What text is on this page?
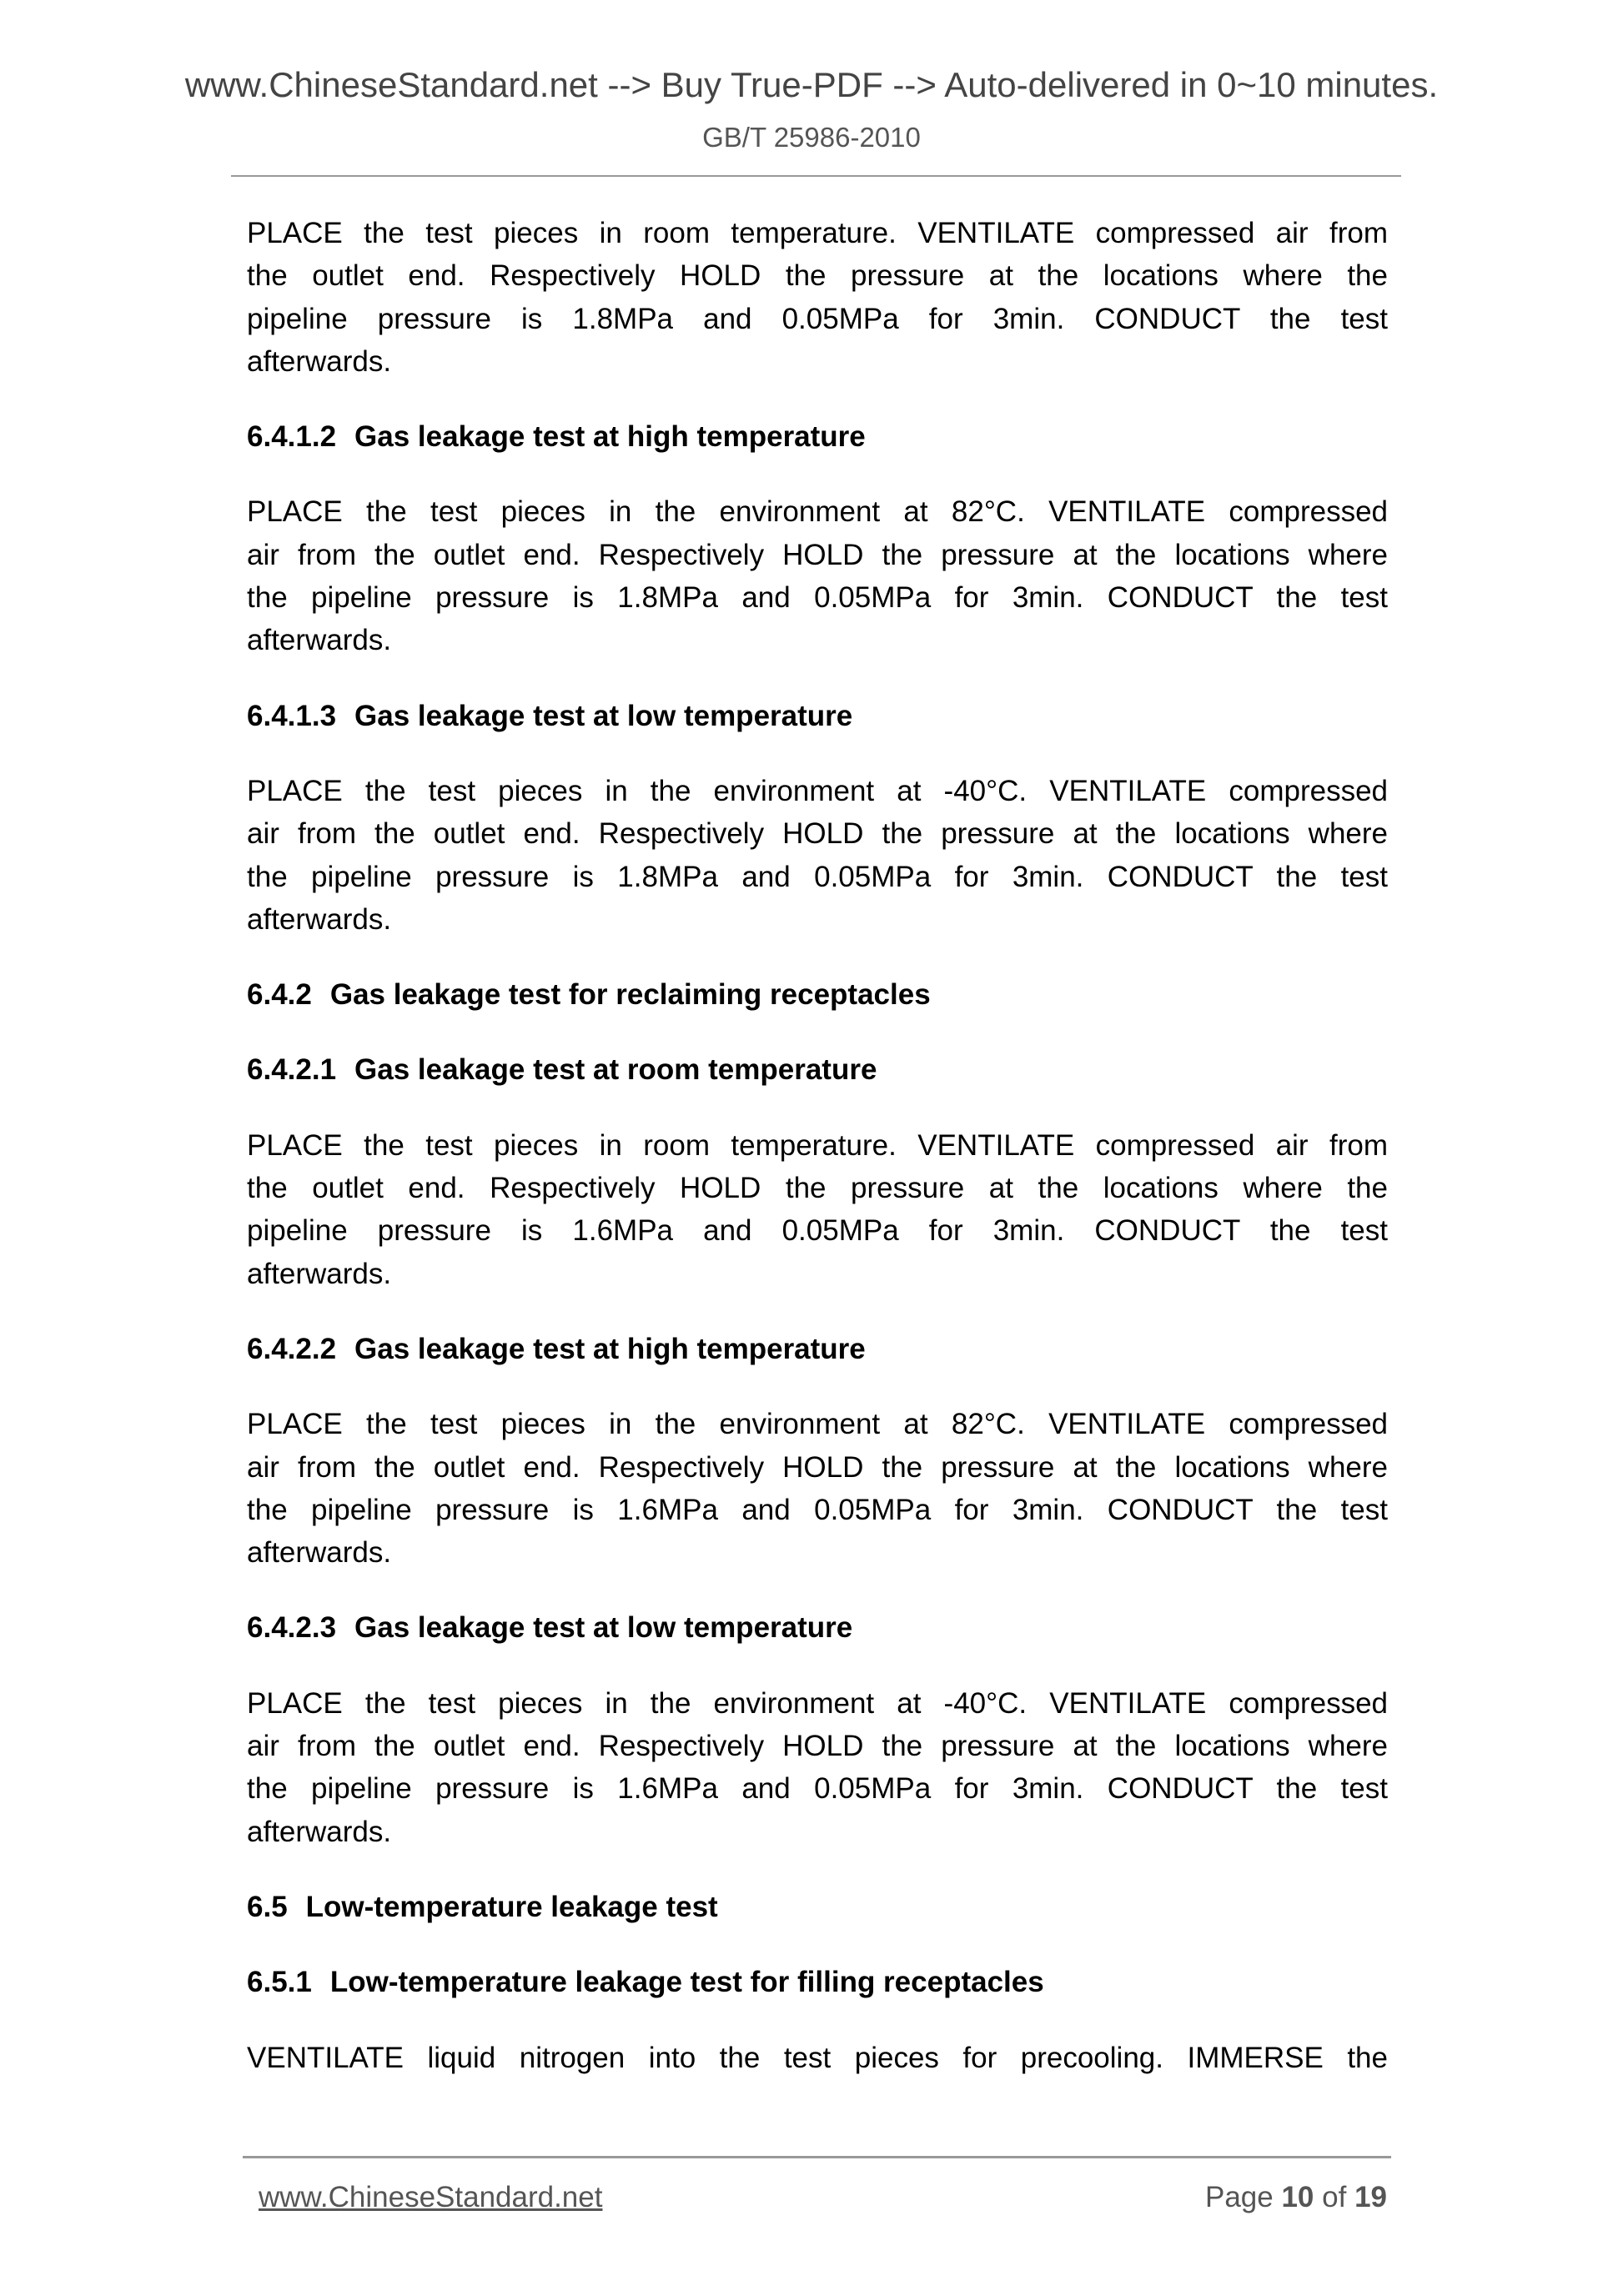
www.ChineseStandard.net --> Buy True-PDF --> Auto-delivered in 0~10 minutes.
GB/T 25986-2010
PLACE the test pieces in room temperature. VENTILATE compressed air from
the outlet end. Respectively HOLD the pressure at the locations where the
pipeline pressure is 1.8MPa and 0.05MPa for 3min. CONDUCT the test
afterwards.
6.4.1.2 Gas leakage test at high temperature
PLACE the test pieces in the environment at 82°C. VENTILATE compressed
air from the outlet end. Respectively HOLD the pressure at the locations where
the pipeline pressure is 1.8MPa and 0.05MPa for 3min. CONDUCT the test
afterwards.
6.4.1.3 Gas leakage test at low temperature
PLACE the test pieces in the environment at -40°C. VENTILATE compressed
air from the outlet end. Respectively HOLD the pressure at the locations where
the pipeline pressure is 1.8MPa and 0.05MPa for 3min. CONDUCT the test
afterwards.
6.4.2 Gas leakage test for reclaiming receptacles
6.4.2.1 Gas leakage test at room temperature
PLACE the test pieces in room temperature. VENTILATE compressed air from
the outlet end. Respectively HOLD the pressure at the locations where the
pipeline pressure is 1.6MPa and 0.05MPa for 3min. CONDUCT the test
afterwards.
6.4.2.2 Gas leakage test at high temperature
PLACE the test pieces in the environment at 82°C. VENTILATE compressed
air from the outlet end. Respectively HOLD the pressure at the locations where
the pipeline pressure is 1.6MPa and 0.05MPa for 3min. CONDUCT the test
afterwards.
6.4.2.3 Gas leakage test at low temperature
PLACE the test pieces in the environment at -40°C. VENTILATE compressed
air from the outlet end. Respectively HOLD the pressure at the locations where
the pipeline pressure is 1.6MPa and 0.05MPa for 3min. CONDUCT the test
afterwards.
6.5 Low-temperature leakage test
6.5.1 Low-temperature leakage test for filling receptacles
VENTILATE liquid nitrogen into the test pieces for precooling. IMMERSE the
www.ChineseStandard.net	Page 10 of 19
